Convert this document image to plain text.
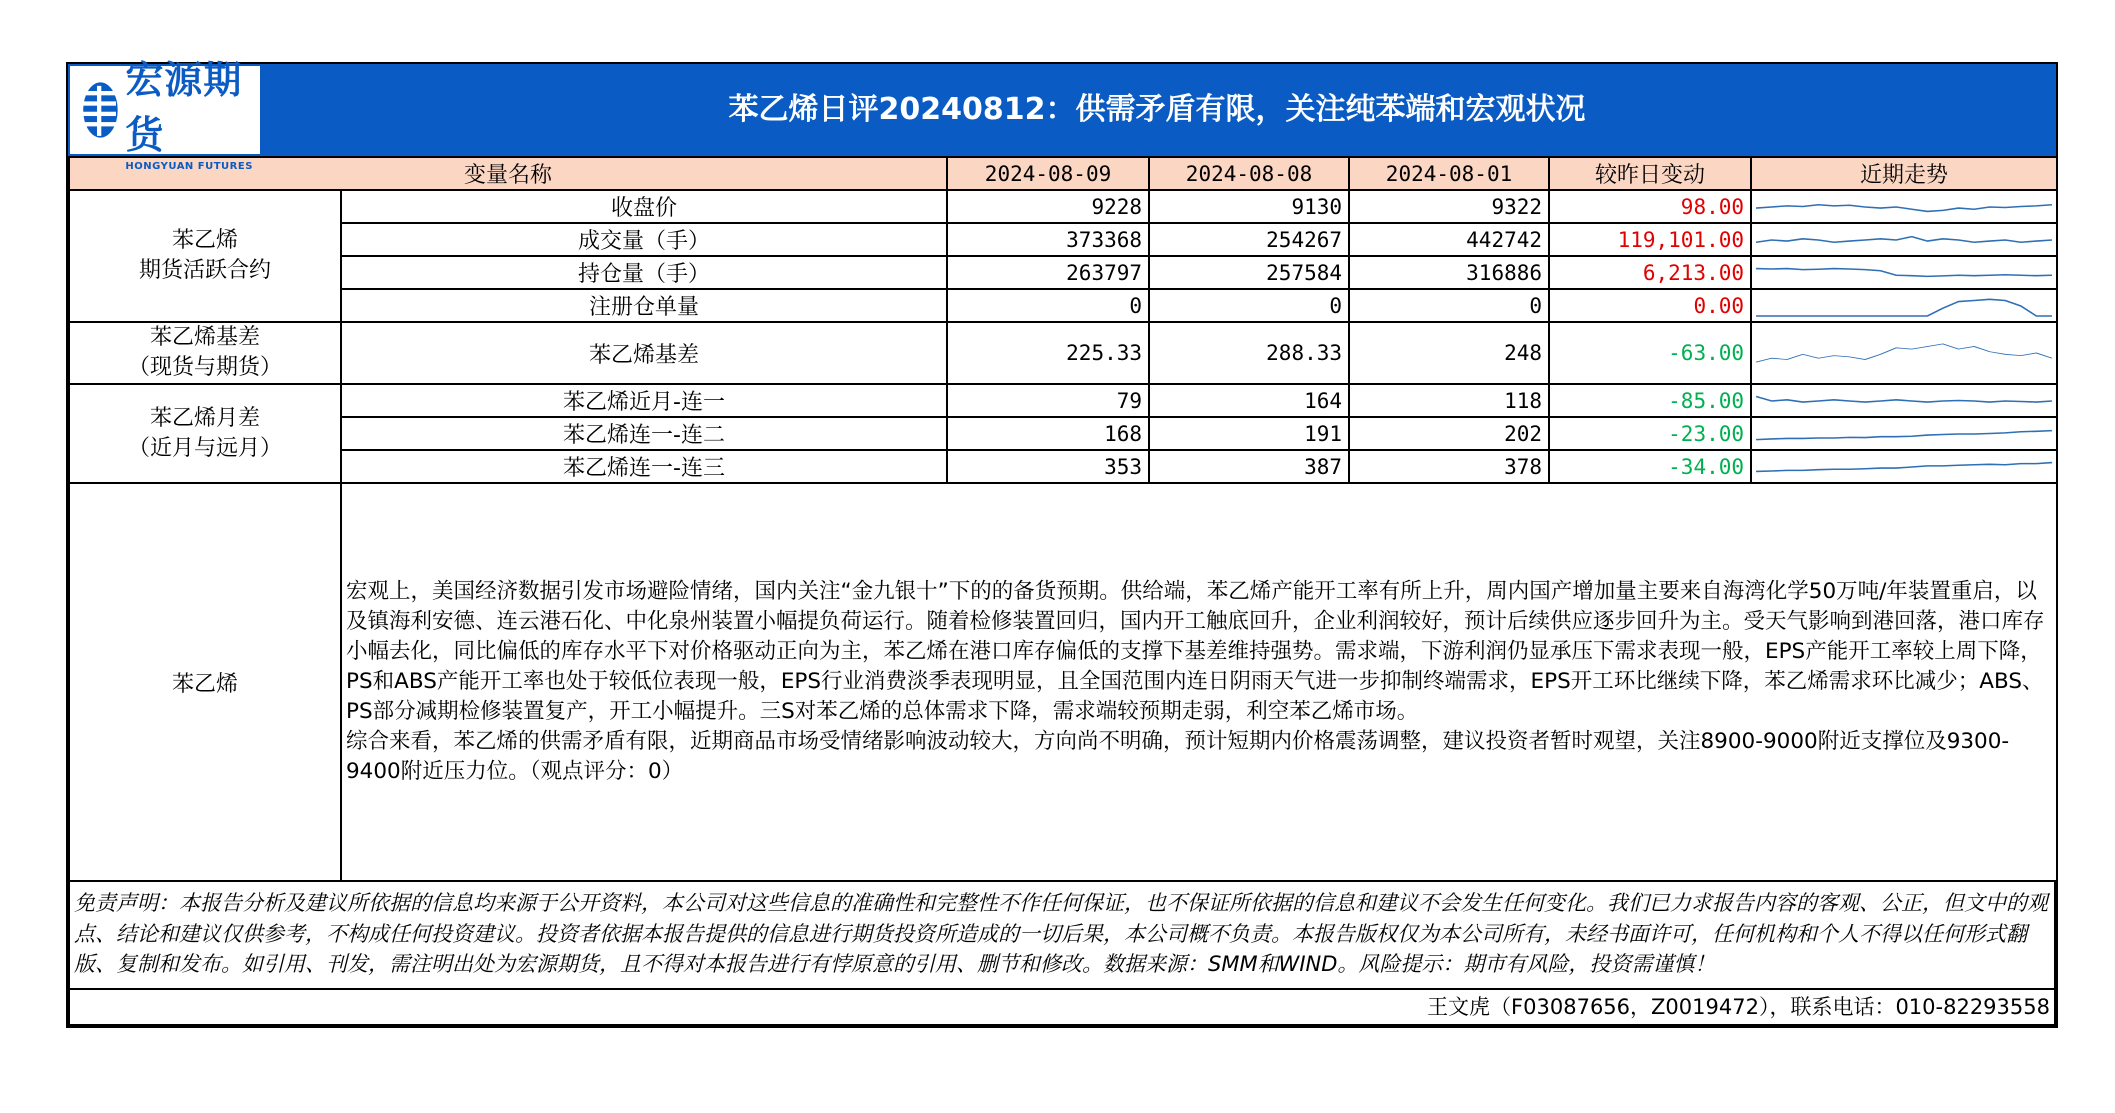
宏源期货
HONGYUAN FUTURES
苯乙烯日评20240812：供需矛盾有限，关注纯苯端和宏观状况
变量名称		2024-08-09	2024-08-08	2024-08-01	较昨日变动	近期走势

苯乙烯
期货活跃合约	收盘价	9228	9130	9322	98.00	

	成交量（手）	373368	254267	442742	119,101.00	

	持仓量（手）	263797	257584	316886	6,213.00	

	注册仓单量	0	0	0	0.00	

苯乙烯基差
（现货与期货）	苯乙烯基差	225.33	288.33	248	-63.00	

苯乙烯月差
（近月与远月）	苯乙烯近月-连一	79	164	118	-85.00	

	苯乙烯连一-连二	168	191	202	-23.00	

	苯乙烯连一-连三	353	387	378	-34.00	

苯乙烯	宏观上，美国经济数据引发市场避险情绪，国内关注“金九银十”下的的备货预期。供给端，苯乙烯产能开工率有所上升，周内国产增加量主要来自海湾化学50万吨/年装置重启，以及镇海利安德、连云港石化、中化泉州装置小幅提负荷运行。随着检修装置回归，国内开工触底回升，企业利润较好，预计后续供应逐步回升为主。受天气影响到港回落，港口库存小幅去化，同比偏低的库存水平下对价格驱动正向为主，苯乙烯在港口库存偏低的支撑下基差维持强势。需求端，下游利润仍显承压下需求表现一般，EPS产能开工率较上周下降，PS和ABS产能开工率也处于较低位表现一般，EPS行业消费淡季表现明显，且全国范围内连日阴雨天气进一步抑制终端需求，EPS开工环比继续下降，苯乙烯需求环比减少；ABS、PS部分减期检修装置复产，开工小幅提升。三S对苯乙烯的总体需求下降，需求端较预期走弱，利空苯乙烯市场。

综合来看，苯乙烯的供需矛盾有限，近期商品市场受情绪影响波动较大，方向尚不明确，预计短期内价格震荡调整，建议投资者暂时观望，关注8900-9000附近支撑位及9300-9400附近压力位。（观点评分：0）					

免责声明：本报告分析及建议所依据的信息均来源于公开资料，本公司对这些信息的准确性和完整性不作任何保证，也不保证所依据的信息和建议不会发生任何变化。我们已力求报告内容的客观、公正，但文中的观点、结论和建议仅供参考，不构成任何投资建议。投资者依据本报告提供的信息进行期货投资所造成的一切后果，本公司概不负责。本报告版权仅为本公司所有，未经书面许可，任何机构和个人不得以任何形式翻版、复制和发布。如引用、刊发，需注明出处为宏源期货，且不得对本报告进行有悖原意的引用、删节和修改。数据来源：SMM和WIND。风险提示：期市有风险，投资需谨慎！
王文虎（F03087656，Z0019472），联系电话：010-82293558
